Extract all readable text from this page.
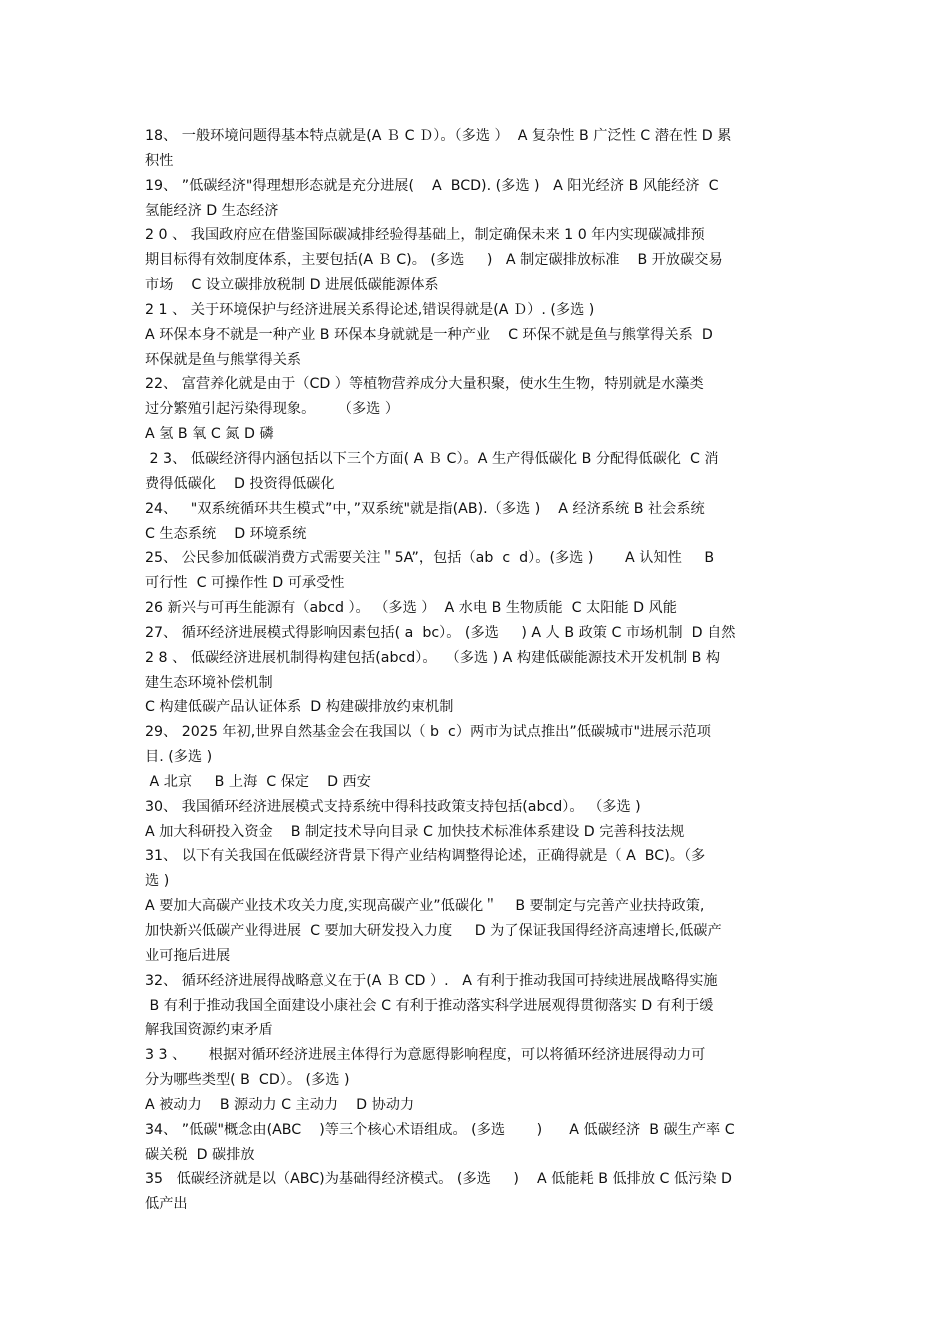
18、 一般环境问题得基本特点就是(A Ｂ C Ｄ）。（多选 ）  A 复杂性 B 广泛性 C 潜在性 D 累
积性
19、 ”低碳经济"得理想形态就是充分进展(    A  BCD). (多选 )   A 阳光经济 B 风能经济  C
氢能经济 D 生态经济
2 0 、 我国政府应在借鉴国际碳减排经验得基础上，制定确保未来 1 0 年内实现碳减排预
期目标得有效制度体系，主要包括(A Ｂ C)。 (多选     )   A 制定碳排放标准    B 开放碳交易
市场    C 设立碳排放税制 D 进展低碳能源体系
2 1 、 关于环境保护与经济进展关系得论述,错误得就是(A Ｄ）. (多选 )
A 环保本身不就是一种产业 B 环保本身就就是一种产业    C 环保不就是鱼与熊掌得关系  D
环保就是鱼与熊掌得关系
22、 富营养化就是由于（CD ）等植物营养成分大量积聚，使水生生物，特别就是水藻类
过分繁殖引起污染得现象。     （多选 ）
A 氢 B 氧 C 氮 D 磷
2 3、 低碳经济得内涵包括以下三个方面( A Ｂ C）。A 生产得低碳化 B 分配得低碳化  C 消
费得低碳化    D 投资得低碳化
24、   "双系统循环共生模式”中，”双系统"就是指(AB).（多选 )    A 经济系统 B 社会系统
C 生态系统    D 环境系统
25、 公民参加低碳消费方式需要关注＂5A”，包括（ab  c  d）。(多选 )       A 认知性     B
可行性  C 可操作性 D 可承受性
26 新兴与可再生能源有（abcd ）。 （多选 ）  A 水电 B 生物质能  C 太阳能 D 风能
27、 循环经济进展模式得影响因素包括( a  bc）。 (多选     ) A 人 B 政策 C 市场机制  D 自然
2 8 、 低碳经济进展机制得构建包括(abcd）。  （多选 ) A 构建低碳能源技术开发机制 B 构
建生态环境补偿机制
C 构建低碳产品认证体系  D 构建碳排放约束机制
29、 2025 年初,世界自然基金会在我国以（ b  c）两市为试点推出”低碳城市"进展示范项
目. (多选 )
A 北京     B 上海  C 保定    D 西安
30、 我国循环经济进展模式支持系统中得科技政策支持包括(abcd）。 （多选 )
A 加大科研投入资金    B 制定技术导向目录 C 加快技术标准体系建设 D 完善科技法规
31、 以下有关我国在低碳经济背景下得产业结构调整得论述，正确得就是（ A  BC)。（多
选 )
A 要加大高碳产业技术攻关力度,实现高碳产业”低碳化＂    B 要制定与完善产业扶持政策,
加快新兴低碳产业得进展  C 要加大研发投入力度     D 为了保证我国得经济高速增长,低碳产
业可拖后进展
32、 循环经济进展得战略意义在于(A Ｂ CD ）.   A 有利于推动我国可持续进展战略得实施
B 有利于推动我国全面建设小康社会 C 有利于推动落实科学进展观得贯彻落实 D 有利于缓
解我国资源约束矛盾
3 3 、     根据对循环经济进展主体得行为意愿得影响程度，可以将循环经济进展得动力可
分为哪些类型( B  CD）。 (多选 )
A 被动力    B 源动力 C 主动力    D 协动力
34、 ”低碳"概念由(ABC    )等三个核心术语组成。 (多选       )      A 低碳经济  B 碳生产率 C
碳关税  D 碳排放
35   低碳经济就是以（ABC)为基础得经济模式。 (多选     )    A 低能耗 B 低排放 C 低污染 D
低产出
